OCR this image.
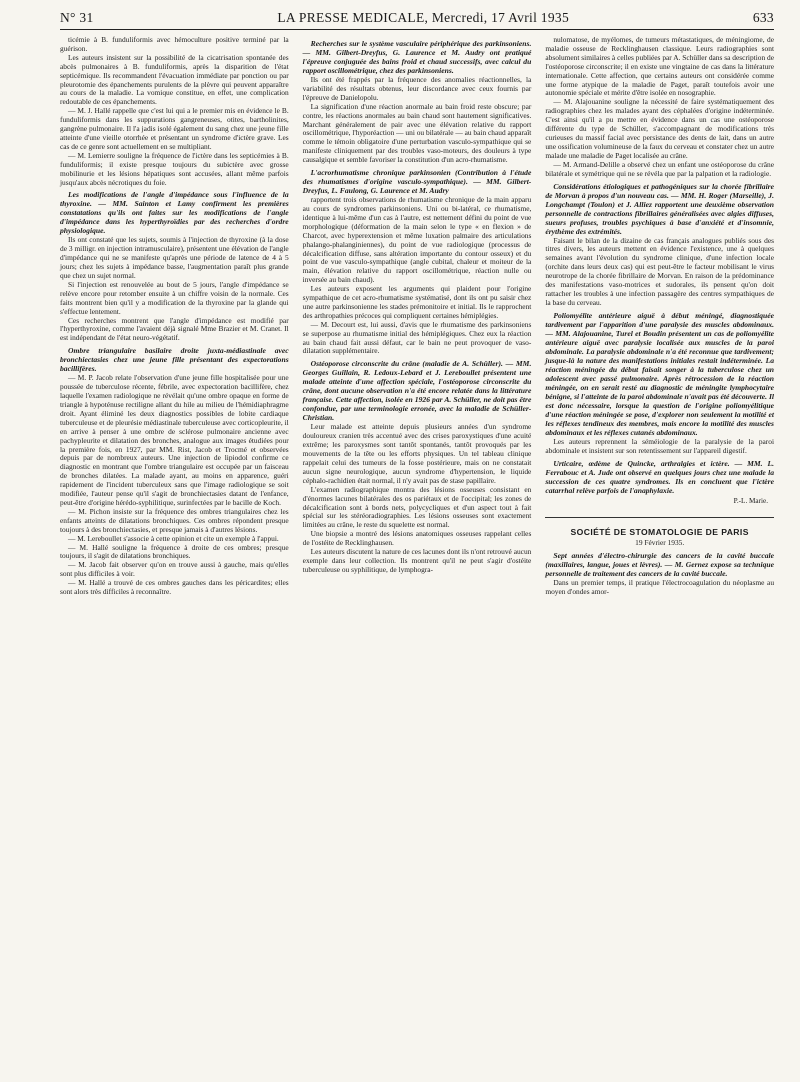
N° 31	LA PRESSE MEDICALE, Mercredi, 17 Avril 1935	633

ticémie à B. funduliformis avec hémoculture positive terminé par la guérison.

Les auteurs insistent sur la possibilité de la cicatrisation spontanée des abcès pulmonaires à B. funduliformis, après la disparition de l'état septicémique. Ils recommandent l'évacuation immédiate par ponction ou par pleurotomie des épanchements purulents de la plèvre qui peuvent apparaître au cours de la maladie. La vomique constitue, en effet, une complication redoutable de ces épanchements.

— M. J. Hallé rappelle que c'est lui qui a le premier mis en évidence le B. funduliformis dans les suppurations gangreneuses, otites, bartholinites, gangrène pulmonaire. Il l'a jadis isolé également du sang chez une jeune fille atteinte d'une vieille otorrhée et présentant un syndrome d'ictère grave. Les cas de ce genre sont actuellement en se multipliant.

— M. Lemierre souligne la fréquence de l'ictère dans les septicémies à B. funduliformis; il existe presque toujours du subictère avec grosse mobilinurie et les lésions hépatiques sont accusées, allant même parfois jusqu'aux abcès nécrotiques du foie.

Les modifications de l'angle d'impédance sous l'influence de la thyroxine. — MM. Sainton et Lamy confirment les premières constatations qu'ils ont faites sur les modifications de l'angle d'impédance dans les hyperthyroïdies par des recherches d'ordre physiologique.

Ils ont constaté que les sujets, soumis à l'injection de thyroxine (à la dose de 3 milligr. en injection intramusculaire), présentent une élévation de l'angle d'impédance qui ne se manifeste qu'après une période de latence de 4 à 5 jours; chez les sujets à impédance basse, l'augmentation paraît plus grande que chez un sujet normal.

Si l'injection est renouvelée au bout de 5 jours, l'angle d'impédance se relève encore pour retomber ensuite à un chiffre voisin de la normale. Ces faits montrent bien qu'il y a modification de la thyroxine par la glande qui s'effectue lentement.

Ces recherches montrent que l'angle d'impédance est modifié par l'hyperthyroxine, comme l'avaient déjà signalé Mme Brazier et M. Cranet. Il est indépendant de l'état neuro-végétatif.

Ombre triangulaire basilaire droite juxta-médiastinale avec bronchiectasies chez une jeune fille présentant des expectorations bacillifères.

— M. P. Jacob relate l'observation d'une jeune fille hospitalisée pour une poussée de tuberculose récente, fébrile, avec expectoration bacillifère, chez laquelle l'examen radiologique ne révélait qu'une ombre opaque en forme de triangle à hypoténuse rectiligne allant du hile au milieu de l'hémidiaphragme droit. Ayant éliminé les deux diagnostics possibles de lobite cardiaque tuberculeuse et de pleurésie médiastinale tuberculeuse avec corticopleurite, il en arrive à penser à une ombre de sclérose pulmonaire ancienne avec pachypleurite et dilatation des bronches, analogue aux images étudiées pour la première fois, en 1927, par MM. Rist, Jacob et Trocmé et observées depuis par de nombreux auteurs. Une injection de lipiodol confirme ce diagnostic en montrant que l'ombre triangulaire est occupée par un faisceau de bronches dilatées. La malade ayant, au moins en apparence, guéri rapidement de l'incident tuberculeux sans que l'image radiologique se soit modifiée, l'auteur pense qu'il s'agit de bronchiectasies datant de l'enfance, peut-être d'origine hérédo-syphilitique, surinfectées par le bacille de Koch.

— M. Pichon insiste sur la fréquence des ombres triangulaires chez les enfants atteints de dilatations bronchiques. Ces ombres répondent presque toujours à des bronchiectasies, et presque jamais à d'autres lésions.

— M. Lereboullet s'associe à cette opinion et cite un exemple à l'appui.

— M. Hallé souligne la fréquence à droite de ces ombres; presque toujours, il s'agit de dilatations bronchiques.

— M. Jacob fait observer qu'on en trouve aussi à gauche, mais qu'elles sont plus difficiles à voir.

— M. Hallé a trouvé de ces ombres gauches dans les péricardites; elles sont alors très difficiles à reconnaître.

Recherches sur le système vasculaire périphérique des parkinsoniens. — MM. Gilbert-Dreyfus, G. Laurence et M. Audry ont pratiqué l'épreuve conjuguée des bains froid et chaud successifs, avec calcul du rapport oscillométrique, chez des parkinsoniens.

Ils ont été frappés par la fréquence des anomalies réactionnelles, la variabilité des résultats obtenus, leur discordance avec ceux fournis par l'épreuve de Danielopolu.

La signification d'une réaction anormale au bain froid reste obscure; par contre, les réactions anormales au bain chaud sont hautement significatives. Marchant généralement de pair avec une élévation relative du rapport oscillométrique, l'hyporéaction — uni ou bilatérale — au bain chaud apparaît comme le témoin obligatoire d'une perturbation vasculo-sympathique qui se manifeste cliniquement par des troubles vaso-moteurs, des douleurs à type causalgique et semble favoriser la constitution d'un acro-rhumatisme.

L'acrorhumatisme chronique parkinsonien (Contribution à l'étude des rhumatismes d'origine vasculo-sympathique). — MM. Gilbert-Dreyfus, L. Faulong, G. Laurence et M. Audry

rapportent trois observations de rhumatisme chronique de la main apparu au cours de syndromes parkinsoniens. Uni ou bi-latéral, ce rhumatisme, identique à lui-même d'un cas à l'autre, est nettement défini du point de vue morphologique (déformation de la main selon le type « en flexion » de Charcot, avec hyperextension et même luxation palmaire des articulations phalango-phalanginiennes), du point de vue radiologique (processus de décalcification diffuse, sans altération importante du contour osseux) et du point de vue vasculo-sympathique (angle cubital, chaleur et moiteur de la main, élévation relative du rapport oscillométrique, réaction nulle ou inversée au bain chaud).

Les auteurs exposent les arguments qui plaident pour l'origine sympathique de cet acro-rhumatisme systématisé, dont ils ont pu saisir chez une autre parkinsonienne les stades prémonitoire et initial. Ils le rapprochent des arthropathies précoces qui compliquent certaines hémiplégies.

— M. Decourt est, lui aussi, d'avis que le rhumatisme des parkinsoniens se superpose au rhumatisme initial des hémiplégiques. Chez eux la réaction au bain chaud fait aussi défaut, car le bain ne peut provoquer de vaso-dilatation supplémentaire.

Ostéoporose circonscrite du crâne (maladie de A. Schüller). — MM. Georges Guillain, R. Ledoux-Lebard et J. Lereboullet présentent une malade atteinte d'une affection spéciale, l'ostéoporose circonscrite du crâne, dont aucune observation n'a été encore relatée dans la littérature française. Cette affection, isolée en 1926 par A. Schüller, ne doit pas être confondue, par une terminologie erronée, avec la maladie de Schüller-Christian.

Leur malade est atteinte depuis plusieurs années d'un syndrome douloureux cranien très accentué avec des crises paroxystiques d'une acuité extrême; les paroxysmes sont tantôt spontanés, tantôt provoqués par les mouvements de la tête ou les efforts physiques. Un tel tableau clinique rappelait celui des tumeurs de la fosse postérieure, mais on ne constatait aucun signe neurologique, aucun syndrome d'hypertension, le liquide céphalo-rachidien était normal, il n'y avait pas de stase papillaire.

L'examen radiographique montra des lésions osseuses consistant en d'énormes lacunes bilatérales des os pariétaux et de l'occipital; les zones de décalcification sont à bords nets, polycycliques et d'un aspect tout à fait spécial sur les stéréoradiographies. Les lésions osseuses sont exactement limitées au crâne, le reste du squelette est normal.

Une biopsie a montré des lésions anatomiques osseuses rappelant celles de l'ostéite de Recklinghausen.

Les auteurs discutent la nature de ces lacunes dont ils n'ont retrouvé aucun exemple dans leur collection. Ils montrent qu'il ne peut s'agir d'ostéite tuberculeuse ou syphilitique, de lymphogra-

nulomatose, de myélomes, de tumeurs métastatiques, de méningiome, de maladie osseuse de Recklinghausen classique. Leurs radiographies sont absolument similaires à celles publiées par A. Schüller dans sa description de l'ostéoporose circonscrite; il en existe une vingtaine de cas dans la littérature internationale. Cette affection, que certains auteurs ont considérée comme une forme atypique de la maladie de Paget, paraît toutefois avoir une autonomie spéciale et mérite d'être isolée en nosographie.

— M. Alajouanine souligne la nécessité de faire systématiquement des radiographies chez les malades ayant des céphalées d'origine indéterminée. C'est ainsi qu'il a pu mettre en évidence dans un cas une ostéoporose différente du type de Schüller, s'accompagnant de modifications très curieuses du massif facial avec persistance des dents de lait, dans un autre une ossification volumineuse de la faux du cerveau et constater chez un autre malade une maladie de Paget localisée au crâne.

— M. Armand-Delille a observé chez un enfant une ostéoporose du crâne bilatérale et symétrique qui ne se révéla que par la palpation et la radiologie.

Considérations étiologiques et pathogéniques sur la chorée fibrillaire de Morvan à propos d'un nouveau cas. — MM. H. Roger (Marseille), J. Longchampt (Toulon) et J. Alliez rapportent une deuxième observation personnelle de contractions fibrillaires généralisées avec algies diffuses, sueurs profuses, troubles psychiques à base d'anxiété et d'insomnie, érythème des extrémités.

Faisant le bilan de la dizaine de cas français analogues publiés sous des titres divers, les auteurs mettent en évidence l'existence, une à quelques semaines avant l'évolution du syndrome clinique, d'une infection locale (orchite dans leurs deux cas) qui est peut-être le facteur mobilisant le virus neurotrope de la chorée fibrillaire de Morvan. En raison de la prédominance des manifestations vaso-motrices et sudorales, ils pensent qu'on doit rattacher les troubles à une infection passagère des centres sympathiques de la base du cerveau.

Poliomyélite antérieure aiguë à début méningé, diagnostiquée tardivement par l'apparition d'une paralysie des muscles abdominaux. — MM. Alajouanine, Turel et Boudin présentent un cas de poliomyélite antérieure aiguë avec paralysie localisée aux muscles de la paroi abdominale. La paralysie abdominale n'a été reconnue que tardivement; jusque-là la nature des manifestations initiales restait indéterminée. La réaction méningée du début faisait songer à la tuberculose chez un adolescent avec passé pulmonaire. Après rétrocession de la réaction méningée, on en serait resté au diagnostic de méningite lymphocytaire bénigne, si l'atteinte de la paroi abdominale n'avait pas été découverte. Il est donc nécessaire, lorsque la question de l'origine poliomyélitique d'une réaction méningée se pose, d'explorer non seulement la motilité et les réflexes tendineux des membres, mais encore la motilité des muscles abdominaux et les réflexes cutanés abdominaux.

Les auteurs reprennent la séméiologie de la paralysie de la paroi abdominale et insistent sur son retentissement sur l'appareil digestif.

Urticaire, œdème de Quincke, arthralgies et ictère. — MM. L. Ferrabouc et A. Jude ont observé en quelques jours chez une malade la succession de ces quatre syndromes. Ils en concluent que l'ictère catarrhal relève parfois de l'anaphylaxie.
P.-L. Marie.
SOCIÉTÉ DE STOMATOLOGIE DE PARIS
19 Février 1935.
Sept années d'électro-chirurgie des cancers de la cavité buccale (maxillaires, langue, joues et lèvres). — M. Gernez expose sa technique personnelle de traitement des cancers de la cavité buccale.

Dans un premier temps, il pratique l'électrocoagulation du néoplasme au moyen d'ondes amor-
